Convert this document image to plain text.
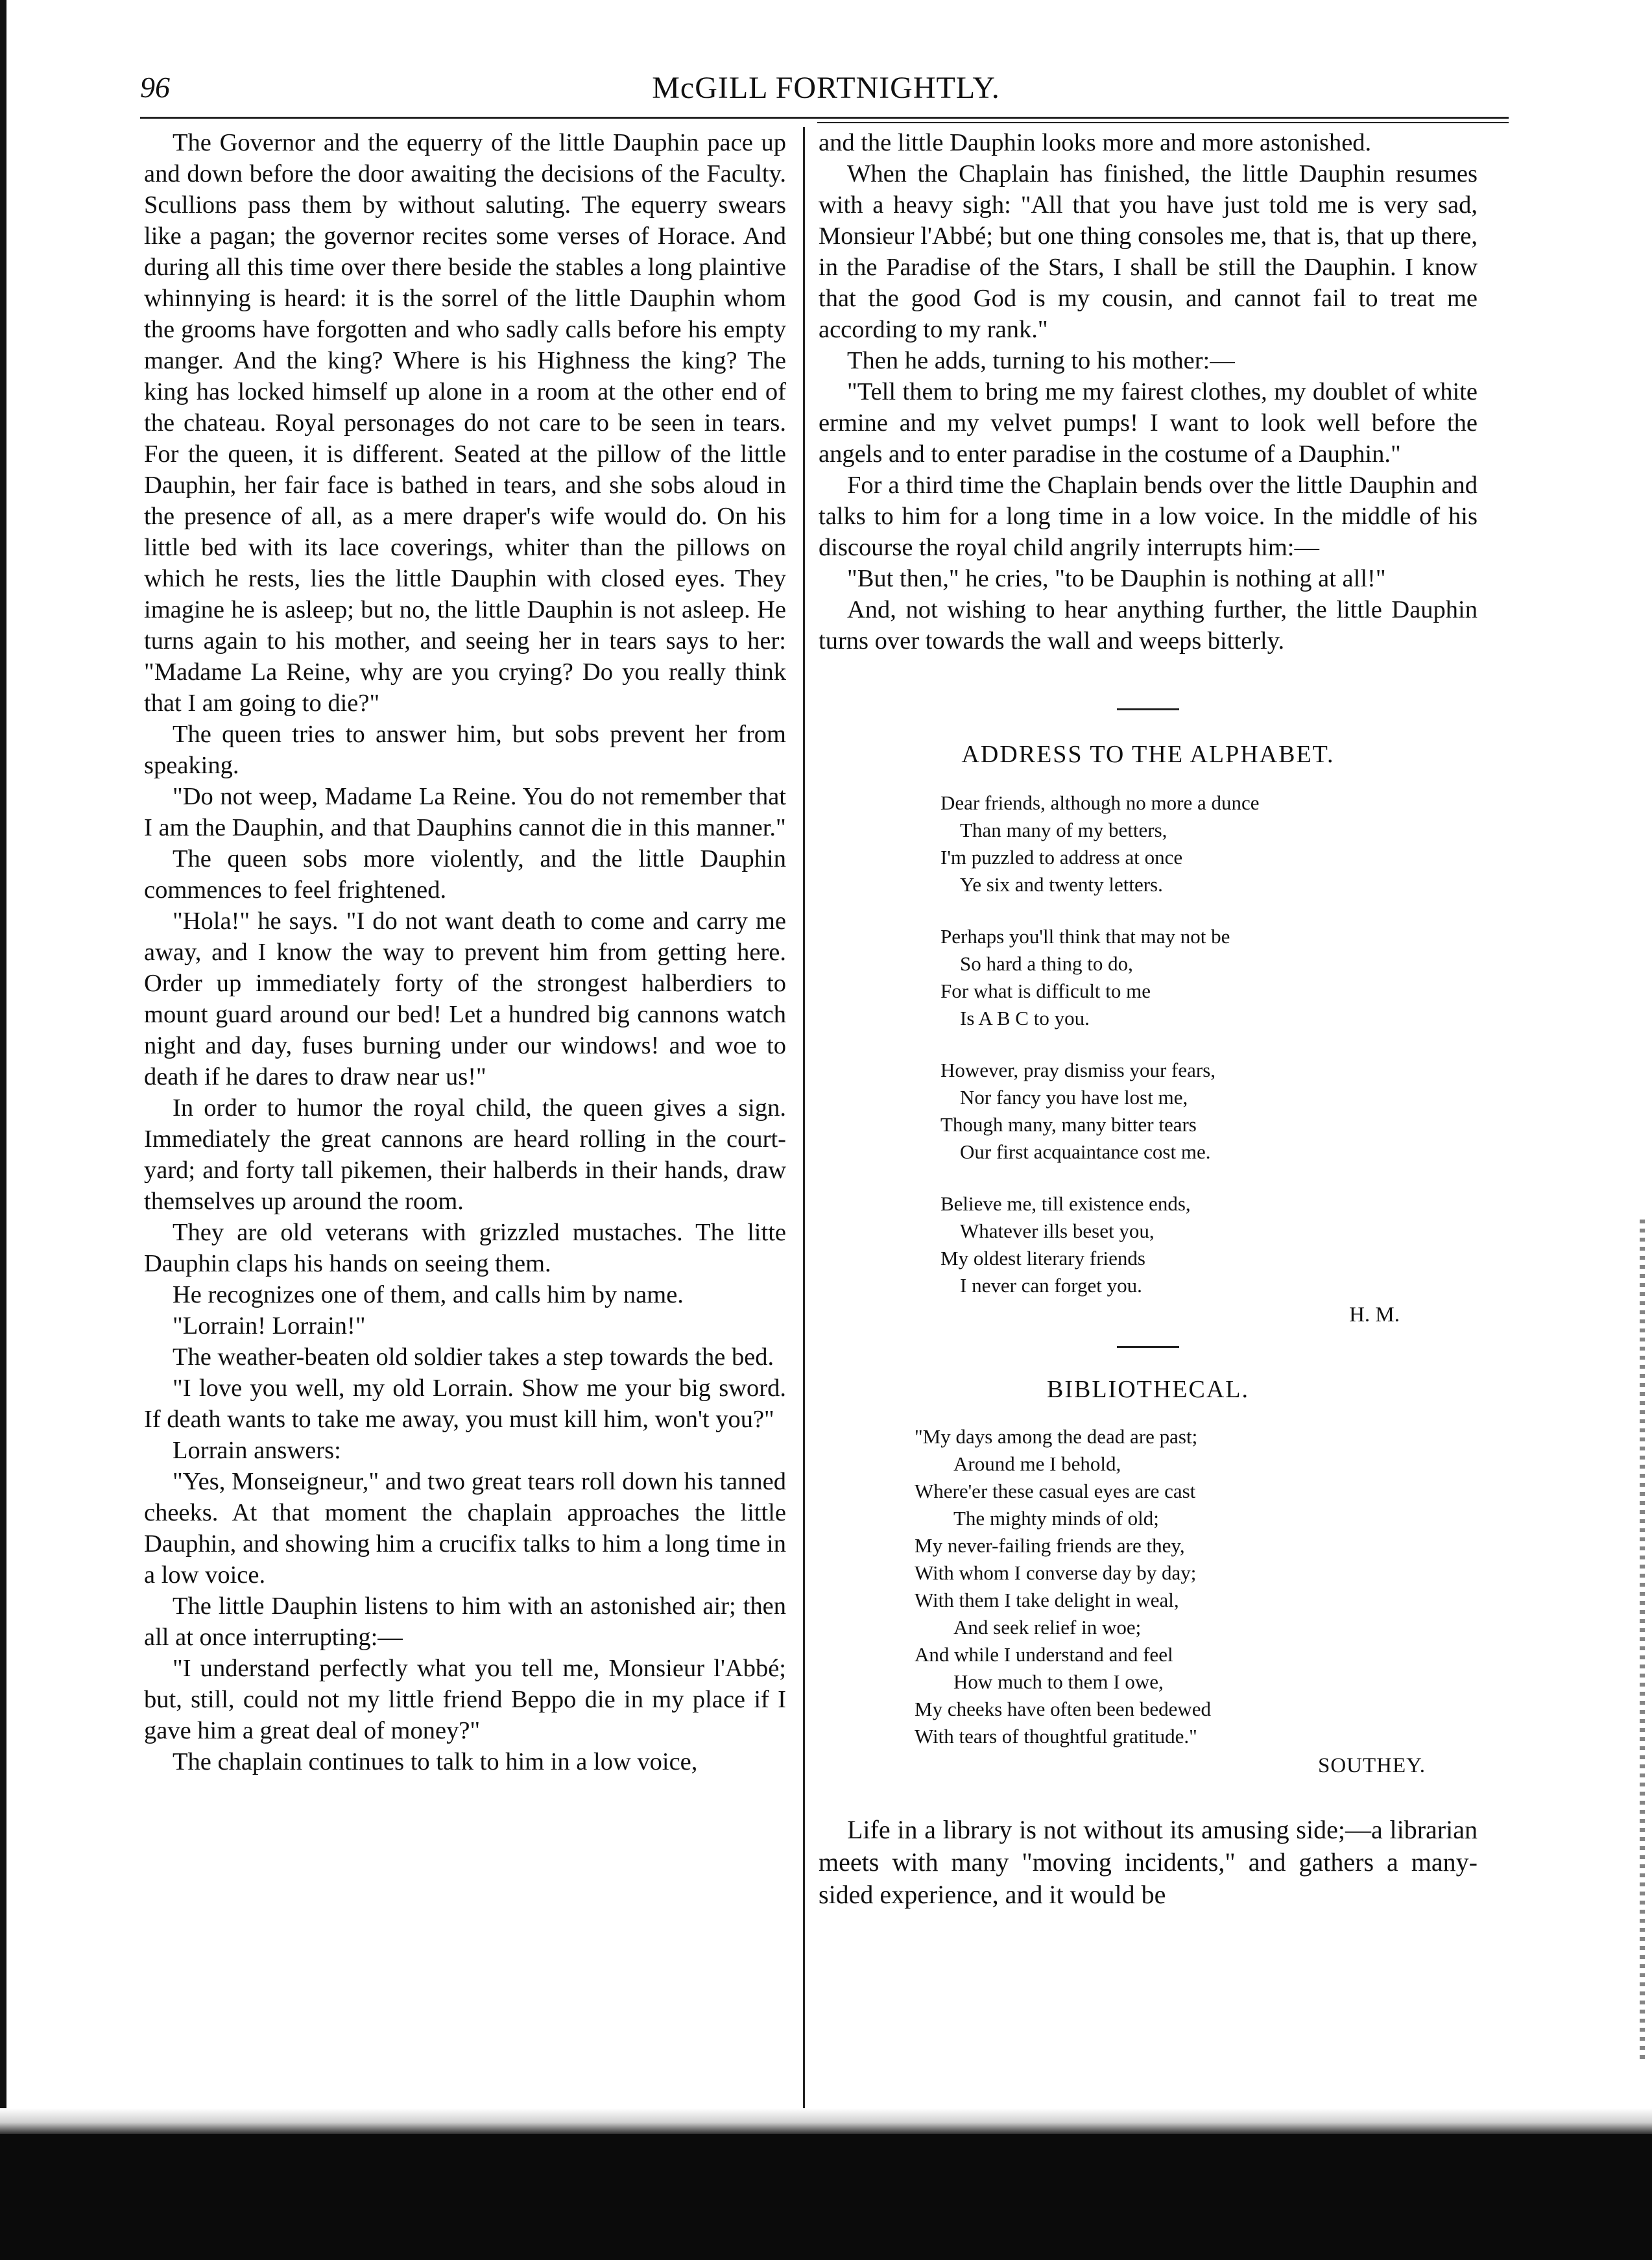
96	McGILL FORTNIGHTLY.

The Governor and the equerry of the little Dauphin pace up and down before the door awaiting the decisions of the Faculty. Scullions pass them by without saluting. The equerry swears like a pagan; the governor recites some verses of Horace. And during all this time over there beside the stables a long plaintive whinnying is heard: it is the sorrel of the little Dauphin whom the grooms have forgotten and who sadly calls before his empty manger. And the king? Where is his Highness the king? The king has locked himself up alone in a room at the other end of the chateau. Royal personages do not care to be seen in tears. For the queen, it is different. Seated at the pillow of the little Dauphin, her fair face is bathed in tears, and she sobs aloud in the presence of all, as a mere draper's wife would do. On his little bed with its lace coverings, whiter than the pillows on which he rests, lies the little Dauphin with closed eyes. They imagine he is asleep; but no, the little Dauphin is not asleep. He turns again to his mother, and seeing her in tears says to her: "Madame La Reine, why are you crying? Do you really think that I am going to die?"

The queen tries to answer him, but sobs prevent her from speaking.

"Do not weep, Madame La Reine. You do not remember that I am the Dauphin, and that Dauphins cannot die in this manner."

The queen sobs more violently, and the little Dauphin commences to feel frightened.

"Hola!" he says. "I do not want death to come and carry me away, and I know the way to prevent him from getting here. Order up immediately forty of the strongest halberdiers to mount guard around our bed! Let a hundred big cannons watch night and day, fuses burning under our windows! and woe to death if he dares to draw near us!"

In order to humor the royal child, the queen gives a sign. Immediately the great cannons are heard rolling in the court-yard; and forty tall pikemen, their halberds in their hands, draw themselves up around the room.

They are old veterans with grizzled mustaches. The litte Dauphin claps his hands on seeing them.

He recognizes one of them, and calls him by name.

"Lorrain! Lorrain!"

The weather-beaten old soldier takes a step towards the bed.

"I love you well, my old Lorrain. Show me your big sword. If death wants to take me away, you must kill him, won't you?"

Lorrain answers:

"Yes, Monseigneur," and two great tears roll down his tanned cheeks. At that moment the chaplain approaches the little Dauphin, and showing him a crucifix talks to him a long time in a low voice.

The little Dauphin listens to him with an astonished air; then all at once interrupting:—

"I understand perfectly what you tell me, Monsieur l'Abbé; but, still, could not my little friend Beppo die in my place if I gave him a great deal of money?"

The chaplain continues to talk to him in a low voice,

and the little Dauphin looks more and more astonished.

When the Chaplain has finished, the little Dauphin resumes with a heavy sigh: "All that you have just told me is very sad, Monsieur l'Abbé; but one thing consoles me, that is, that up there, in the Paradise of the Stars, I shall be still the Dauphin. I know that the good God is my cousin, and cannot fail to treat me according to my rank."

Then he adds, turning to his mother:—

"Tell them to bring me my fairest clothes, my doublet of white ermine and my velvet pumps! I want to look well before the angels and to enter paradise in the costume of a Dauphin."

For a third time the Chaplain bends over the little Dauphin and talks to him for a long time in a low voice. In the middle of his discourse the royal child angrily interrupts him:—

"But then," he cries, "to be Dauphin is nothing at all!"

And, not wishing to hear anything further, the little Dauphin turns over towards the wall and weeps bitterly.

ADDRESS TO THE ALPHABET.
Dear friends, although no more a dunce
Than many of my betters,
I'm puzzled to address at once
Ye six and twenty letters.
Perhaps you'll think that may not be
So hard a thing to do,
For what is difficult to me
Is A B C to you.
However, pray dismiss your fears,
Nor fancy you have lost me,
Though many, many bitter tears
Our first acquaintance cost me.
Believe me, till existence ends,
Whatever ills beset you,
My oldest literary friends
I never can forget you.
H. M.
BIBLIOTHECAL.
"My days among the dead are past;
Around me I behold,
Where'er these casual eyes are cast
The mighty minds of old;
My never-failing friends are they,
With whom I converse day by day;
With them I take delight in weal,
And seek relief in woe;
And while I understand and feel
How much to them I owe,
My cheeks have often been bedewed
With tears of thoughtful gratitude."
SOUTHEY.

Life in a library is not without its amusing side;—a librarian meets with many "moving incidents," and gathers a many-sided experience, and it would be
